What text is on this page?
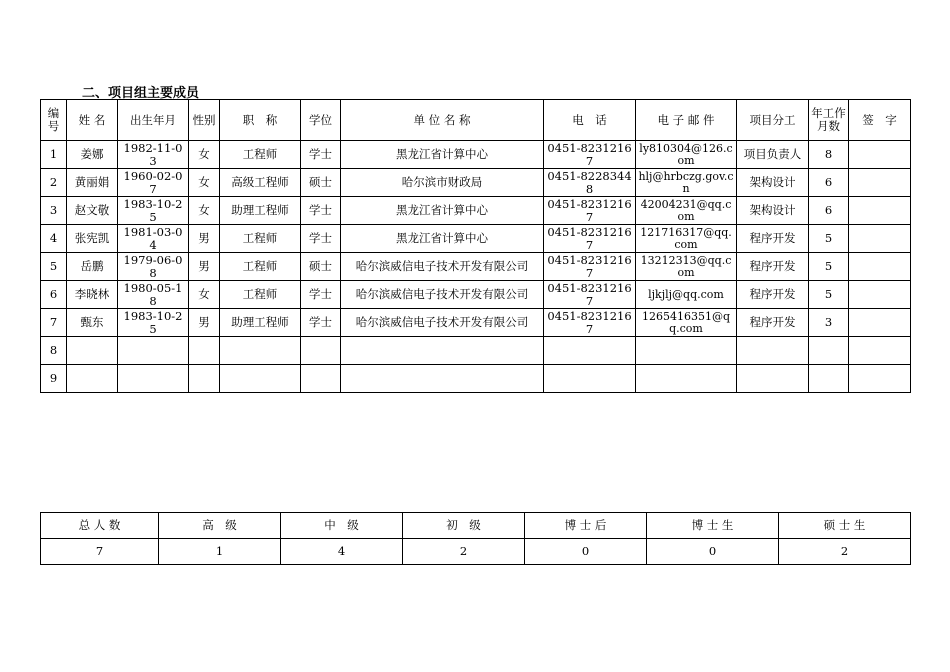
二、项目组主要成员
编号	姓 名	出生年月	性别	职　称	学位	单 位 名 称	电　话	电 子 邮 件	项目分工	年工作月数	签　字
1	姜娜	1982-11-03	女	工程师	学士	黑龙江省计算中心	0451-82312167	ly810304@126.com	项目负责人	8	
2	黄丽娟	1960-02-07	女	高级工程师	硕士	哈尔滨市财政局	0451-82283448	hlj@hrbczg.gov.cn	架构设计	6	
3	赵文敬	1983-10-25	女	助理工程师	学士	黑龙江省计算中心	0451-82312167	42004231@qq.com	架构设计	6	
4	张宪凯	1981-03-04	男	工程师	学士	黑龙江省计算中心	0451-82312167	121716317@qq.com	程序开发	5	
5	岳鹏	1979-06-08	男	工程师	硕士	哈尔滨威信电子技术开发有限公司	0451-82312167	13212313@qq.com	程序开发	5	
6	李晓林	1980-05-18	女	工程师	学士	哈尔滨威信电子技术开发有限公司	0451-82312167	ljkjlj@qq.com	程序开发	5	
7	甄东	1983-10-25	男	助理工程师	学士	哈尔滨威信电子技术开发有限公司	0451-82312167	1265416351@qq.com	程序开发	3	
8											
9											
总 人 数	高　级	中　级	初　级	博 士 后	博 士 生	硕 士 生
7	1	4	2	0	0	2
